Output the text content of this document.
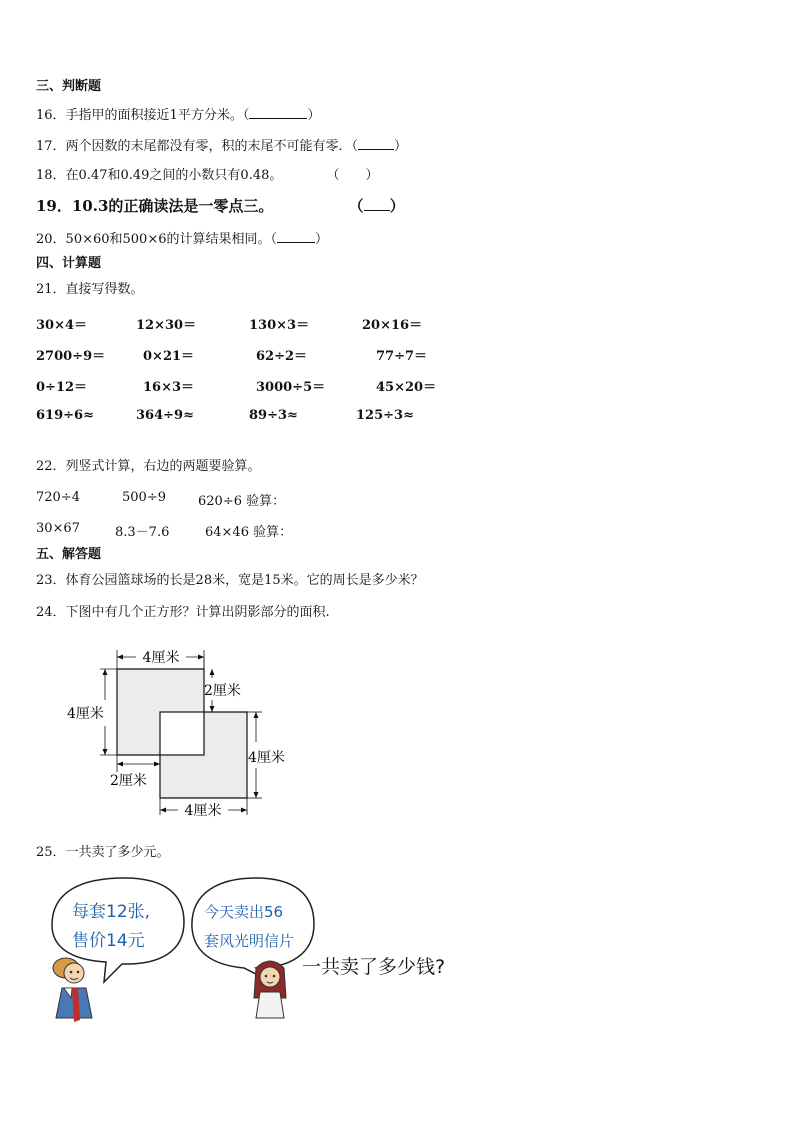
三、判断题
16．手指甲的面积接近1平方分米。（	）
17．两个因数的末尾都没有零，积的末尾不可能有零．（	）
18．在0.47和0.49之间的小数只有0.48。	（　　）
19．10.3的正确读法是一零点三。	（ ）
20．50×60和500×6的计算结果相同。（	）
四、计算题
21．直接写得数。
30×4＝	12×30＝	130×3＝	20×16＝
2700÷9＝	0×21＝	62÷2＝	77÷7＝
0÷12＝	16×3＝	3000÷5＝	45×20＝
619÷6≈	364÷9≈	89÷3≈	125÷3≈
22．列竖式计算，右边的两题要验算。
720÷4	500÷9 620÷6 验算：
30×67	8.3－7.6	64×46 验算：
五、解答题
23．体育公园篮球场的长是28米，宽是15米。它的周长是多少米？
24．下图中有几个正方形？计算出阴影部分的面积.
4厘米
2厘米
4厘米
4厘米
2厘米
4厘米
25．一共卖了多少元。
每套12张,
售价14元
今天卖出56
套风光明信片
一共卖了多少钱?
